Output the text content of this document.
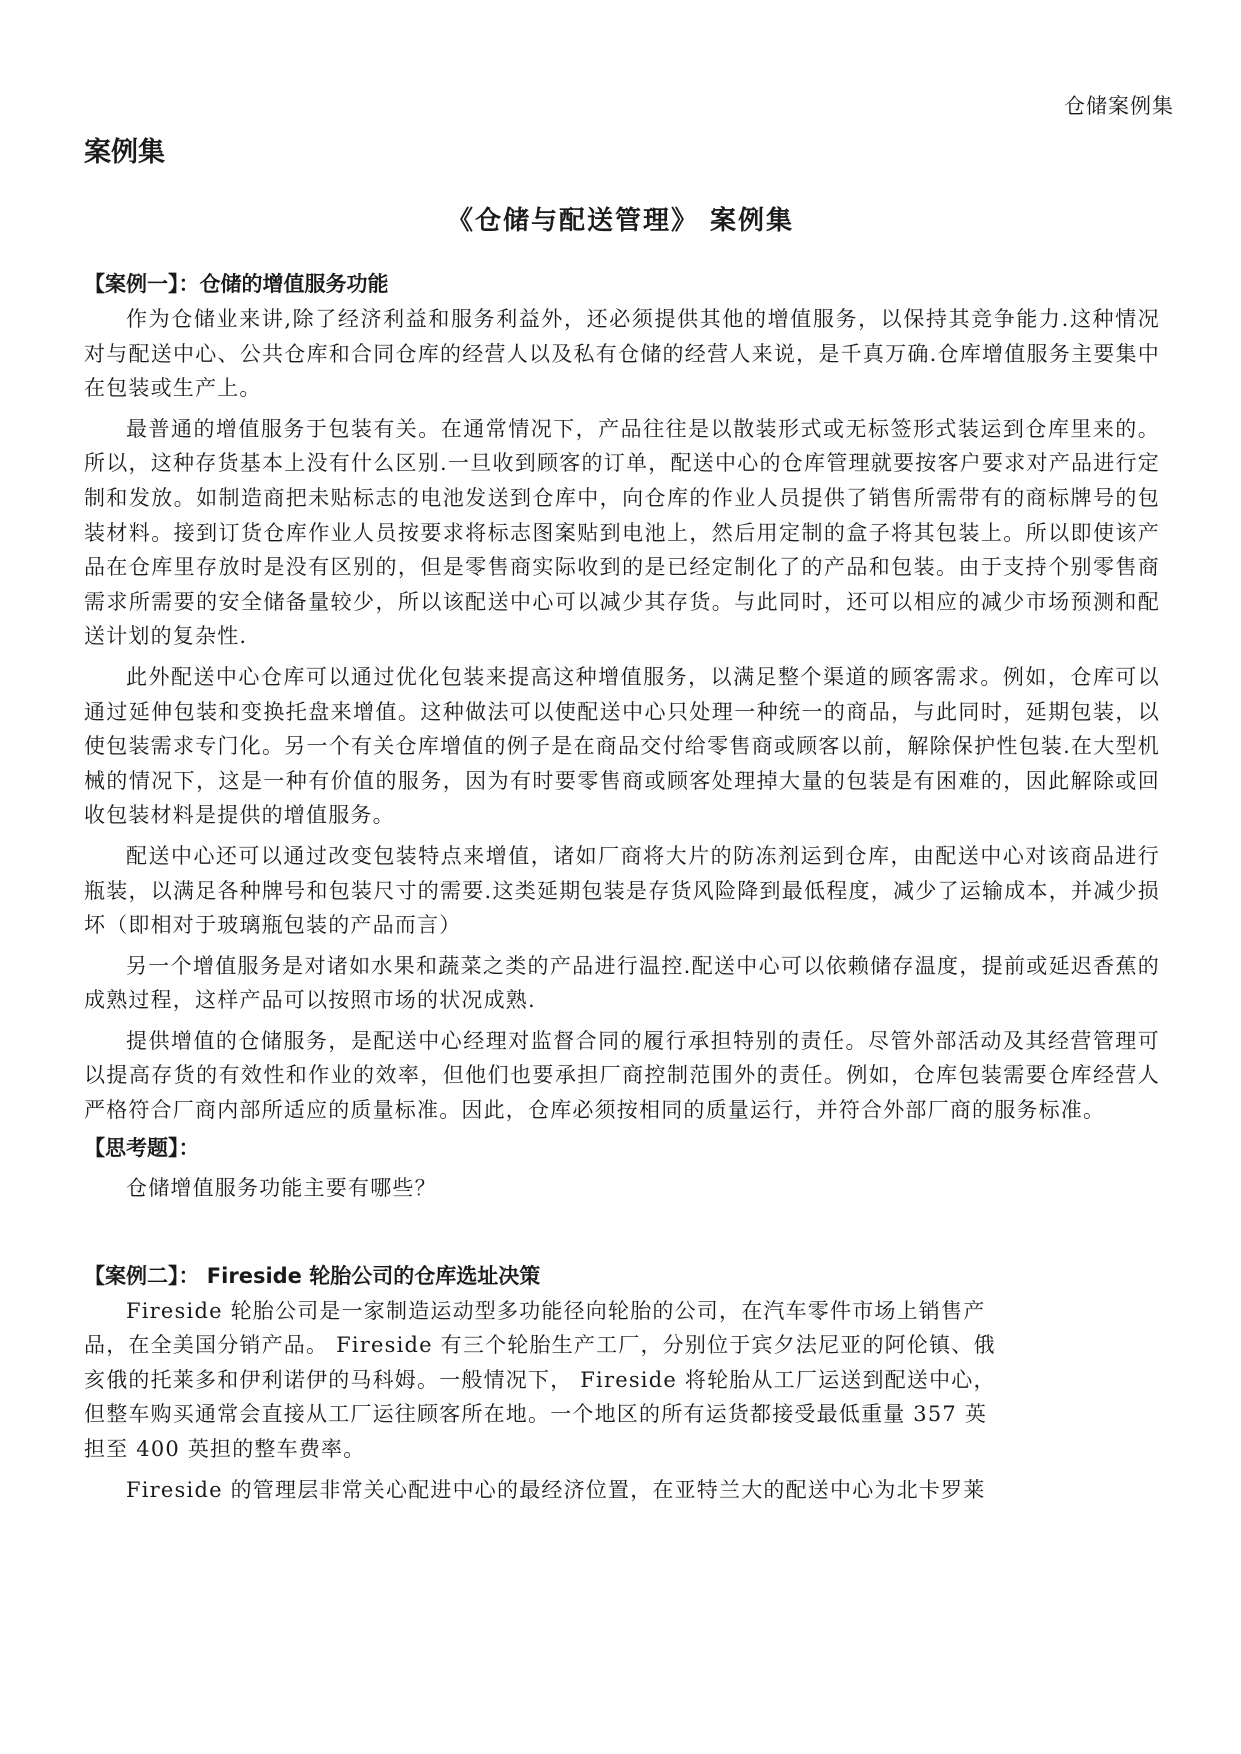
仓储案例集
案例集
《仓储与配送管理》 案例集
【案例一】：仓储的增值服务功能

作为仓储业来讲,除了经济利益和服务利益外，还必须提供其他的增值服务，以保持其竞争能力.这种情况对与配送中心、公共仓库和合同仓库的经营人以及私有仓储的经营人来说，是千真万确.仓库增值服务主要集中在包装或生产上。

最普通的增值服务于包装有关。在通常情况下，产品往往是以散装形式或无标签形式装运到仓库里来的。所以，这种存货基本上没有什么区别.一旦收到顾客的订单，配送中心的仓库管理就要按客户要求对产品进行定制和发放。如制造商把未贴标志的电池发送到仓库中，向仓库的作业人员提供了销售所需带有的商标牌号的包装材料。接到订货仓库作业人员按要求将标志图案贴到电池上，然后用定制的盒子将其包装上。所以即使该产品在仓库里存放时是没有区别的，但是零售商实际收到的是已经定制化了的产品和包装。由于支持个别零售商需求所需要的安全储备量较少，所以该配送中心可以减少其存货。与此同时，还可以相应的减少市场预测和配送计划的复杂性.

此外配送中心仓库可以通过优化包装来提高这种增值服务，以满足整个渠道的顾客需求。例如，仓库可以通过延伸包装和变换托盘来增值。这种做法可以使配送中心只处理一种统一的商品，与此同时，延期包装，以使包装需求专门化。另一个有关仓库增值的例子是在商品交付给零售商或顾客以前，解除保护性包装.在大型机械的情况下，这是一种有价值的服务，因为有时要零售商或顾客处理掉大量的包装是有困难的，因此解除或回收包装材料是提供的增值服务。

配送中心还可以通过改变包装特点来增值，诸如厂商将大片的防冻剂运到仓库，由配送中心对该商品进行瓶装，以满足各种牌号和包装尺寸的需要.这类延期包装是存货风险降到最低程度，减少了运输成本，并减少损坏（即相对于玻璃瓶包装的产品而言）

另一个增值服务是对诸如水果和蔬菜之类的产品进行温控.配送中心可以依赖储存温度，提前或延迟香蕉的成熟过程，这样产品可以按照市场的状况成熟.

提供增值的仓储服务，是配送中心经理对监督合同的履行承担特别的责任。尽管外部活动及其经营管理可以提高存货的有效性和作业的效率，但他们也要承担厂商控制范围外的责任。例如，仓库包装需要仓库经营人严格符合厂商内部所适应的质量标准。因此，仓库必须按相同的质量运行，并符合外部厂商的服务标准。

【思考题】：

仓储增值服务功能主要有哪些？

【案例二】： Fireside 轮胎公司的仓库选址决策
Fireside 轮胎公司是一家制造运动型多功能径向轮胎的公司，在汽车零件市场上销售产
品，在全美国分销产品。 Fireside 有三个轮胎生产工厂，分别位于宾夕法尼亚的阿伦镇、俄
亥俄的托莱多和伊利诺伊的马科姆。一般情况下， Fireside 将轮胎从工厂运送到配送中心，
但整车购买通常会直接从工厂运往顾客所在地。一个地区的所有运货都接受最低重量 357 英
担至 400 英担的整车费率。
Fireside 的管理层非常关心配进中心的最经济位置，在亚特兰大的配送中心为北卡罗莱
